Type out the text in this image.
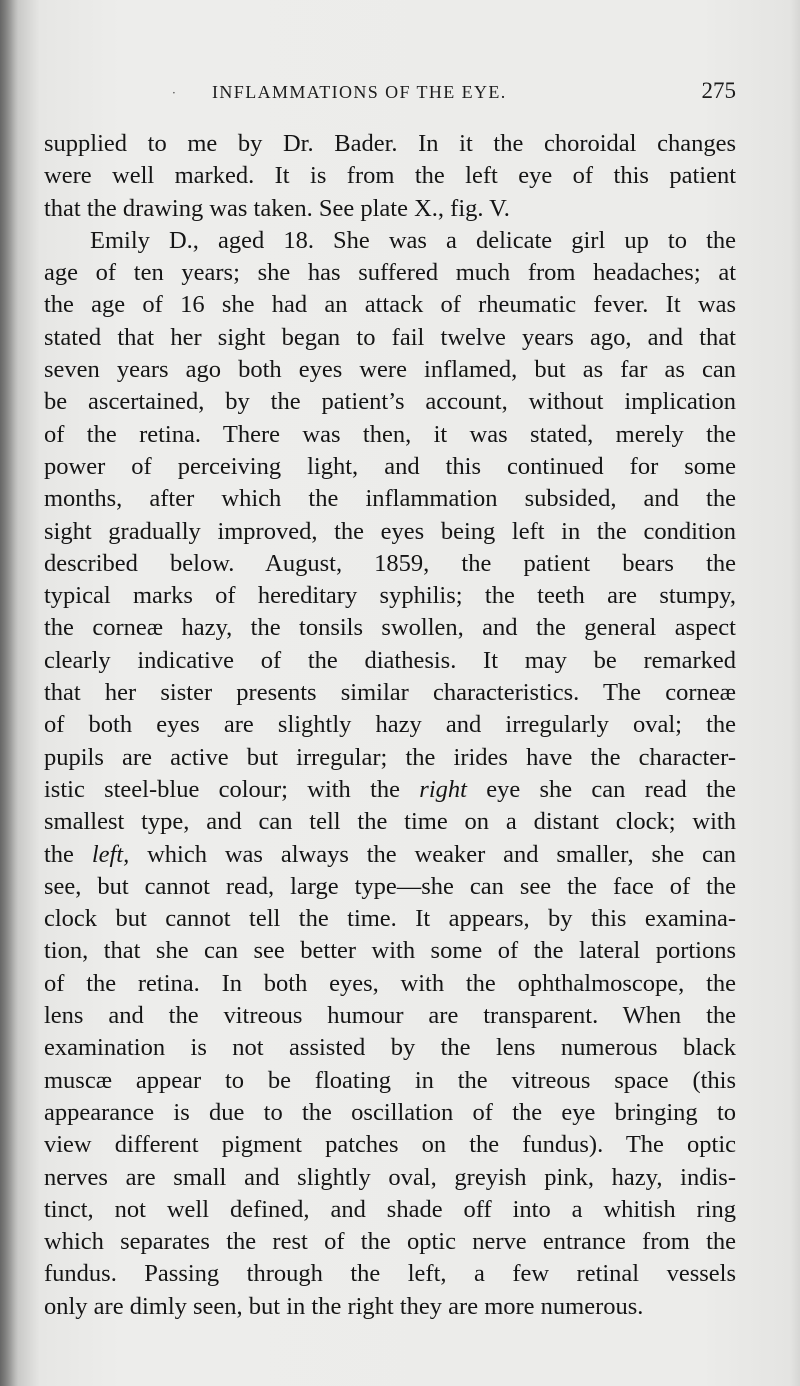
· INFLAMMATIONS OF THE EYE.	275
supplied to me by Dr. Bader. In it the choroidal changes
were well marked. It is from the left eye of this patient
that the drawing was taken. See plate X., fig. V.
Emily D., aged 18. She was a delicate girl up to the
age of ten years; she has suffered much from headaches; at
the age of 16 she had an attack of rheumatic fever. It was
stated that her sight began to fail twelve years ago, and that
seven years ago both eyes were inflamed, but as far as can
be ascertained, by the patient’s account, without implication
of the retina. There was then, it was stated, merely the
power of perceiving light, and this continued for some
months, after which the inflammation subsided, and the
sight gradually improved, the eyes being left in the condition
described below. August, 1859, the patient bears the
typical marks of hereditary syphilis; the teeth are stumpy,
the corneæ hazy, the tonsils swollen, and the general aspect
clearly indicative of the diathesis. It may be remarked
that her sister presents similar characteristics. The corneæ
of both eyes are slightly hazy and irregularly oval; the
pupils are active but irregular; the irides have the character-
istic steel-blue colour; with the right eye she can read the
smallest type, and can tell the time on a distant clock; with
the left, which was always the weaker and smaller, she can
see, but cannot read, large type—she can see the face of the
clock but cannot tell the time. It appears, by this examina-
tion, that she can see better with some of the lateral portions
of the retina. In both eyes, with the ophthalmoscope, the
lens and the vitreous humour are transparent. When the
examination is not assisted by the lens numerous black
muscæ appear to be floating in the vitreous space (this
appearance is due to the oscillation of the eye bringing to
view different pigment patches on the fundus). The optic
nerves are small and slightly oval, greyish pink, hazy, indis-
tinct, not well defined, and shade off into a whitish ring
which separates the rest of the optic nerve entrance from the
fundus. Passing through the left, a few retinal vessels
only are dimly seen, but in the right they are more numerous.
